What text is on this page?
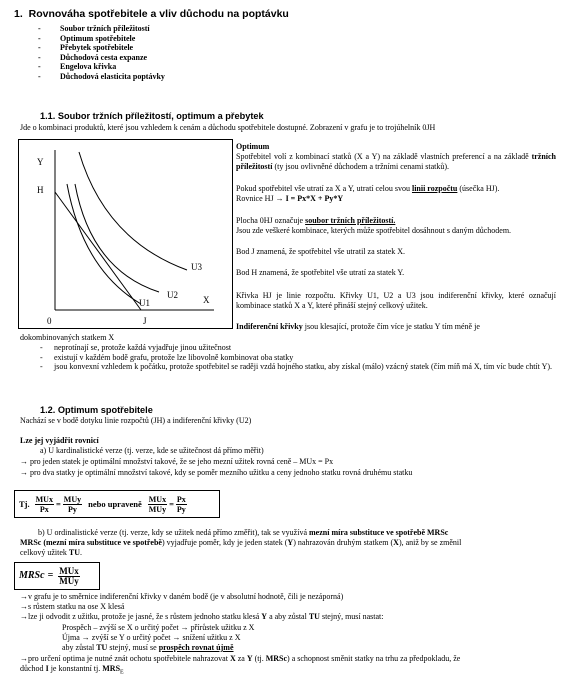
1. Rovnováha spotřebitele a vliv důchodu na poptávku
-	Soubor tržních příležitostí
-	Optimum spotřebitele
-	Přebytek spotřebitele
-	Důchodová cesta expanze
-	Engelova křivka
-	Důchodová elasticita poptávky
1.1. Soubor tržních příležitostí, optimum a přebytek
Jde o kombinaci produktů, které jsou vzhledem k cenám a důchodu spotřebitele dostupné. Zobrazení v grafu je to trojúhelník 0JH
Y
H
X
0	J
U1
U2
U3
Optimum
Spotřebitel volí z kombinací statků (X a Y) na základě vlastních preferencí a na základě tržních příležitostí (ty jsou ovlivněné důchodem a tržními cenami statků).
Pokud spotřebitel vše utratí za X a Y, utratí celou svou linii rozpočtu (úsečka HJ).
Rovnice HJ → I = Px*X + Py*Y
Plocha 0HJ označuje soubor tržních příležitostí.
Jsou zde veškeré kombinace, kterých může spotřebitel dosáhnout s daným důchodem.
Bod J znamená, že spotřebitel vše utratil za statek X.
Bod H znamená, že spotřebitel vše utratí za statek Y.
Křivka HJ je linie rozpočtu. Křivky U1, U2 a U3 jsou indiferenční křivky, které označují kombinace statků X a Y, které přináší stejný celkový užitek.
Indiferenční křivky jsou klesající, protože čím více je statku Y tím méně je
dokombinovaných statkem X
-	neprotínají se, protože každá vyjadřuje jinou užitečnost
-	existují v každém bodě grafu, protože lze libovolně kombinovat oba statky
-	jsou konvexní vzhledem k počátku, protože spotřebitel se raději vzdá hojného statku, aby získal (málo) vzácný statek (čím míň má X, tím víc bude chtít Y).
1.2. Optimum spotřebitele
Nachází se v bodě dotyku linie rozpočtů (JH) a indiferenční křivky (U2)
Lze jej vyjádřit rovnicí
a) U kardinalistické verze (tj. verze, kde se užitečnost dá přímo měřit)
→ pro jeden statek je optimální množství takové, že se jeho mezní užitek rovná ceně – MUx = Px
→ pro dva statky je optimální množství takové, kdy se poměr mezního užitku a ceny jednoho statku rovná druhému statku
Tj. $\frac{\text{MUx}}{Px} = \frac{\text{MUy}}{Py}$ nebo upraveně $\frac{\text{MUx}}{\text{MUy}} = \frac{Px}{Py}$
b) U ordinalistické verze (tj. verze, kdy se užitek nedá přímo změřit), tak se využívá mezní míra substituce ve spotřebě MRSc
MRSc (mezní míra substituce ve spotřebě) vyjadřuje poměr, kdy je jeden statek (Y) nahrazován druhým statkem (X), aniž by se změnil
celkový užitek TU.
MRSc = $\frac{\text{MUx}}{\text{MUy}}$
→v grafu je to směrnice indiferenční křivky v daném bodě (je v absolutní hodnotě, čili je nezáporná)
→s růstem statku na ose X klesá
→lze ji odvodit z užitku, protože je jasné, že s růstem jednoho statku klesá Y a aby zůstal TU stejný, musí nastat:
Prospěch – zvýší se X o určitý počet → přírůstek užitku z X
Újma → zvýší se Y o určitý počet → snížení užitku z X
aby zůstal TU stejný, musí se prospěch rovnat újmě
→pro určení optima je nutné znát ochotu spotřebitele nahrazovat X za Y (tj. MRSc) a schopnost směnit statky na trhu za předpokladu, že
důchod I je konstantní tj. $MRS_E$
